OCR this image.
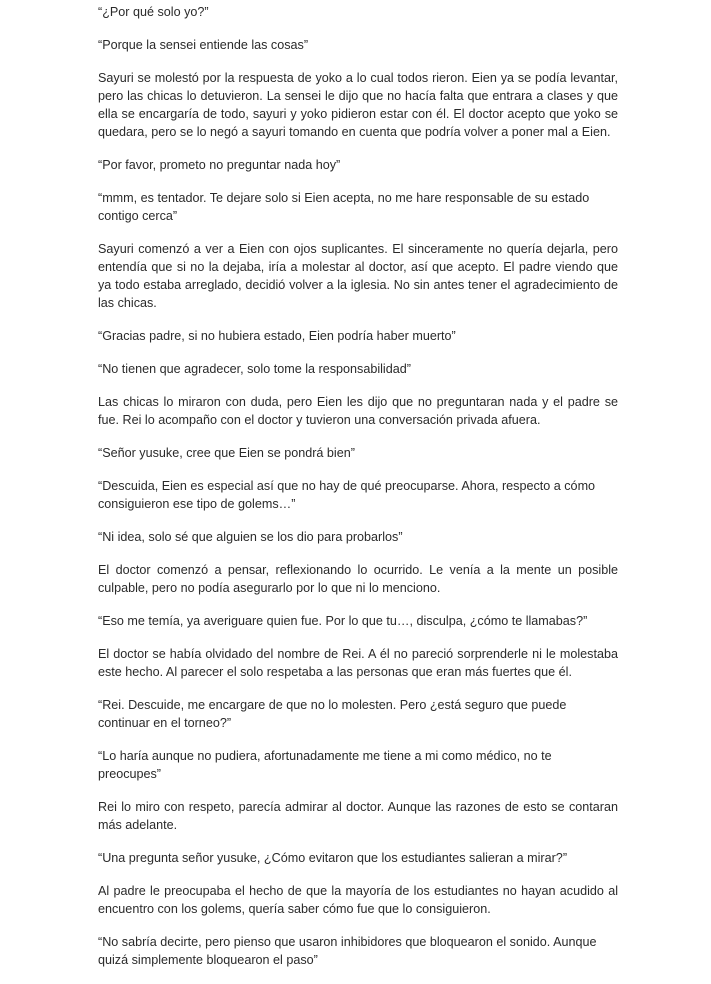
“¿Por qué solo yo?”

“Porque la sensei entiende las cosas”

Sayuri se molestó por la respuesta de yoko a lo cual todos rieron. Eien ya se podía levantar, pero las chicas lo detuvieron. La sensei le dijo que no hacía falta que entrara a clases y que ella se encargaría de todo, sayuri y yoko pidieron estar con él. El doctor acepto que yoko se quedara, pero se lo negó a sayuri tomando en cuenta que podría volver a poner mal a Eien.

“Por favor, prometo no preguntar nada hoy”

“mmm, es tentador. Te dejare solo si Eien acepta, no me hare responsable de su estado contigo cerca”

Sayuri comenzó a ver a Eien con ojos suplicantes. El sinceramente no quería dejarla, pero entendía que si no la dejaba, iría a molestar al doctor, así que acepto. El padre viendo que ya todo estaba arreglado, decidió volver a la iglesia. No sin antes tener el agradecimiento de las chicas.

“Gracias padre, si no hubiera estado, Eien podría haber muerto”

“No tienen que agradecer, solo tome la responsabilidad”

Las chicas lo miraron con duda, pero Eien les dijo que no preguntaran nada y el padre se fue. Rei lo acompaño con el doctor y tuvieron una conversación privada afuera.

“Señor yusuke, cree que Eien se pondrá bien”

“Descuida, Eien es especial así que no hay de qué preocuparse. Ahora, respecto a cómo consiguieron ese tipo de golems…”

“Ni idea, solo sé que alguien se los dio para probarlos”

El doctor comenzó a pensar, reflexionando lo ocurrido. Le venía a la mente un posible culpable, pero no podía asegurarlo por lo que ni lo menciono.

“Eso me temía, ya averiguare quien fue. Por lo que tu…, disculpa, ¿cómo te llamabas?”

El doctor se había olvidado del nombre de Rei. A él no pareció sorprenderle ni le molestaba este hecho. Al parecer el solo respetaba a las personas que eran más fuertes que él.

“Rei. Descuide, me encargare de que no lo molesten. Pero ¿está seguro que puede continuar en el torneo?”

“Lo haría aunque no pudiera, afortunadamente me tiene a mi como médico, no te preocupes”

Rei lo miro con respeto, parecía admirar al doctor. Aunque las razones de esto se contaran más adelante.

“Una pregunta señor yusuke, ¿Cómo evitaron que los estudiantes salieran a mirar?”

Al padre le preocupaba el hecho de que la mayoría de los estudiantes no hayan acudido al encuentro con los golems, quería saber cómo fue que lo consiguieron.

“No sabría decirte, pero pienso que usaron inhibidores que bloquearon el sonido. Aunque quizá simplemente bloquearon el paso”
